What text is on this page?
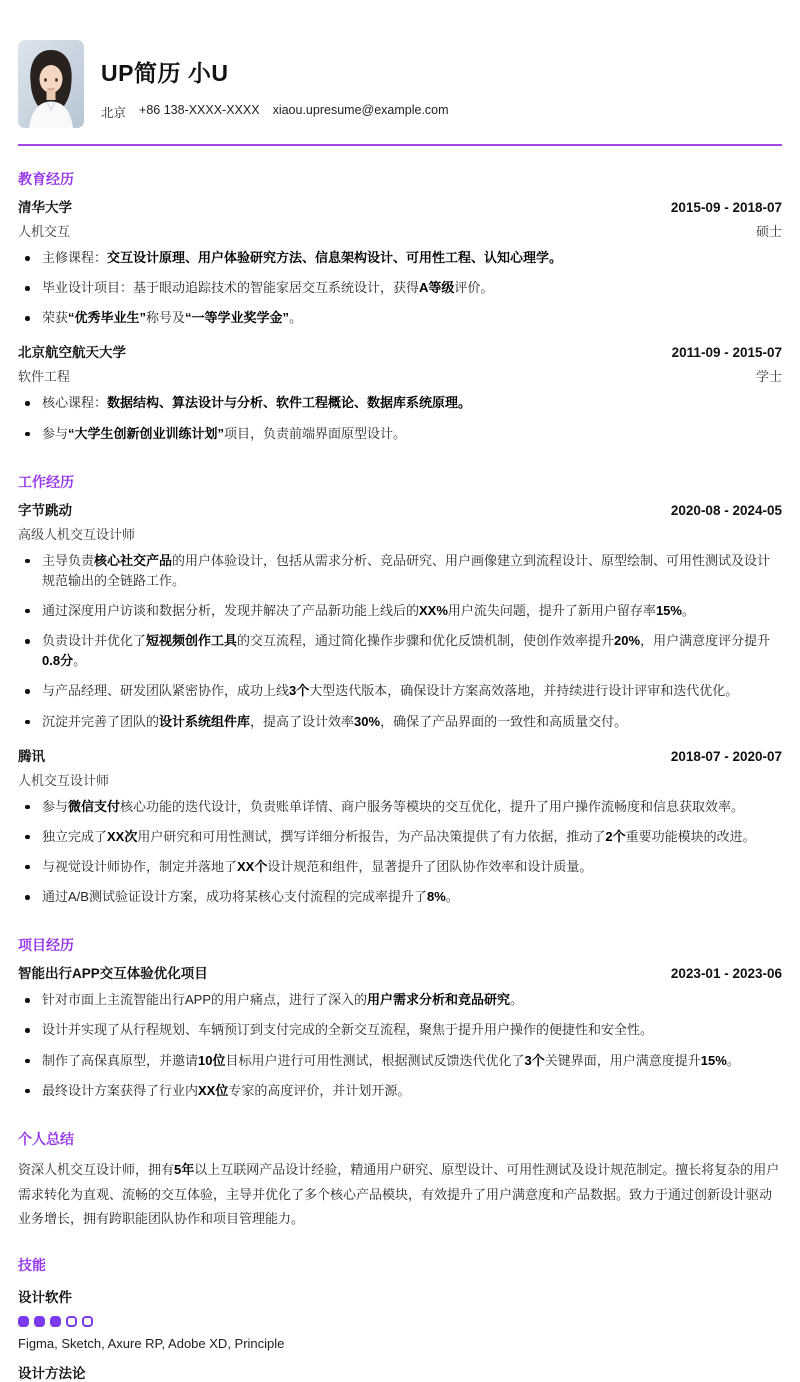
UP简历 小U
北京 +86 138-XXXX-XXXX xiaou.upresume@example.com
教育经历
清华大学	2015-09 - 2018-07
人机交互	硕士
主修课程：交互设计原理、用户体验研究方法、信息架构设计、可用性工程、认知心理学。
毕业设计项目：基于眼动追踪技术的智能家居交互系统设计，获得A等级评价。
荣获“优秀毕业生”称号及“一等学业奖学金”。
北京航空航天大学	2011-09 - 2015-07
软件工程	学士
核心课程：数据结构、算法设计与分析、软件工程概论、数据库系统原理。
参与“大学生创新创业训练计划”项目，负责前端界面原型设计。
工作经历
字节跳动	2020-08 - 2024-05
高级人机交互设计师
主导负责核心社交产品的用户体验设计，包括从需求分析、竞品研究、用户画像建立到流程设计、原型绘制、可用性测试及设计规范输出的全链路工作。
通过深度用户访谈和数据分析，发现并解决了产品新功能上线后的XX%用户流失问题，提升了新用户留存率15%。
负责设计并优化了短视频创作工具的交互流程，通过简化操作步骤和优化反馈机制，使创作效率提升20%，用户满意度评分提升0.8分。
与产品经理、研发团队紧密协作，成功上线3个大型迭代版本，确保设计方案高效落地，并持续进行设计评审和迭代优化。
沉淀并完善了团队的设计系统组件库，提高了设计效率30%，确保了产品界面的一致性和高质量交付。
腾讯	2018-07 - 2020-07
人机交互设计师
参与微信支付核心功能的迭代设计，负责账单详情、商户服务等模块的交互优化，提升了用户操作流畅度和信息获取效率。
独立完成了XX次用户研究和可用性测试，撰写详细分析报告，为产品决策提供了有力依据，推动了2个重要功能模块的改进。
与视觉设计师协作，制定并落地了XX个设计规范和组件，显著提升了团队协作效率和设计质量。
通过A/B测试验证设计方案，成功将某核心支付流程的完成率提升了8%。
项目经历
智能出行APP交互体验优化项目	2023-01 - 2023-06
针对市面上主流智能出行APP的用户痛点，进行了深入的用户需求分析和竞品研究。
设计并实现了从行程规划、车辆预订到支付完成的全新交互流程，聚焦于提升用户操作的便捷性和安全性。
制作了高保真原型，并邀请10位目标用户进行可用性测试，根据测试反馈迭代优化了3个关键界面，用户满意度提升15%。
最终设计方案获得了行业内XX位专家的高度评价，并计划开源。
个人总结

资深人机交互设计师，拥有5年以上互联网产品设计经验，精通用户研究、原型设计、可用性测试及设计规范制定。擅长将复杂的用户需求转化为直观、流畅的交互体验，主导并优化了多个核心产品模块，有效提升了用户满意度和产品数据。致力于通过创新设计驱动业务增长，拥有跨职能团队协作和项目管理能力。

技能
设计软件
Figma, Sketch, Axure RP, Adobe XD, Principle
设计方法论
